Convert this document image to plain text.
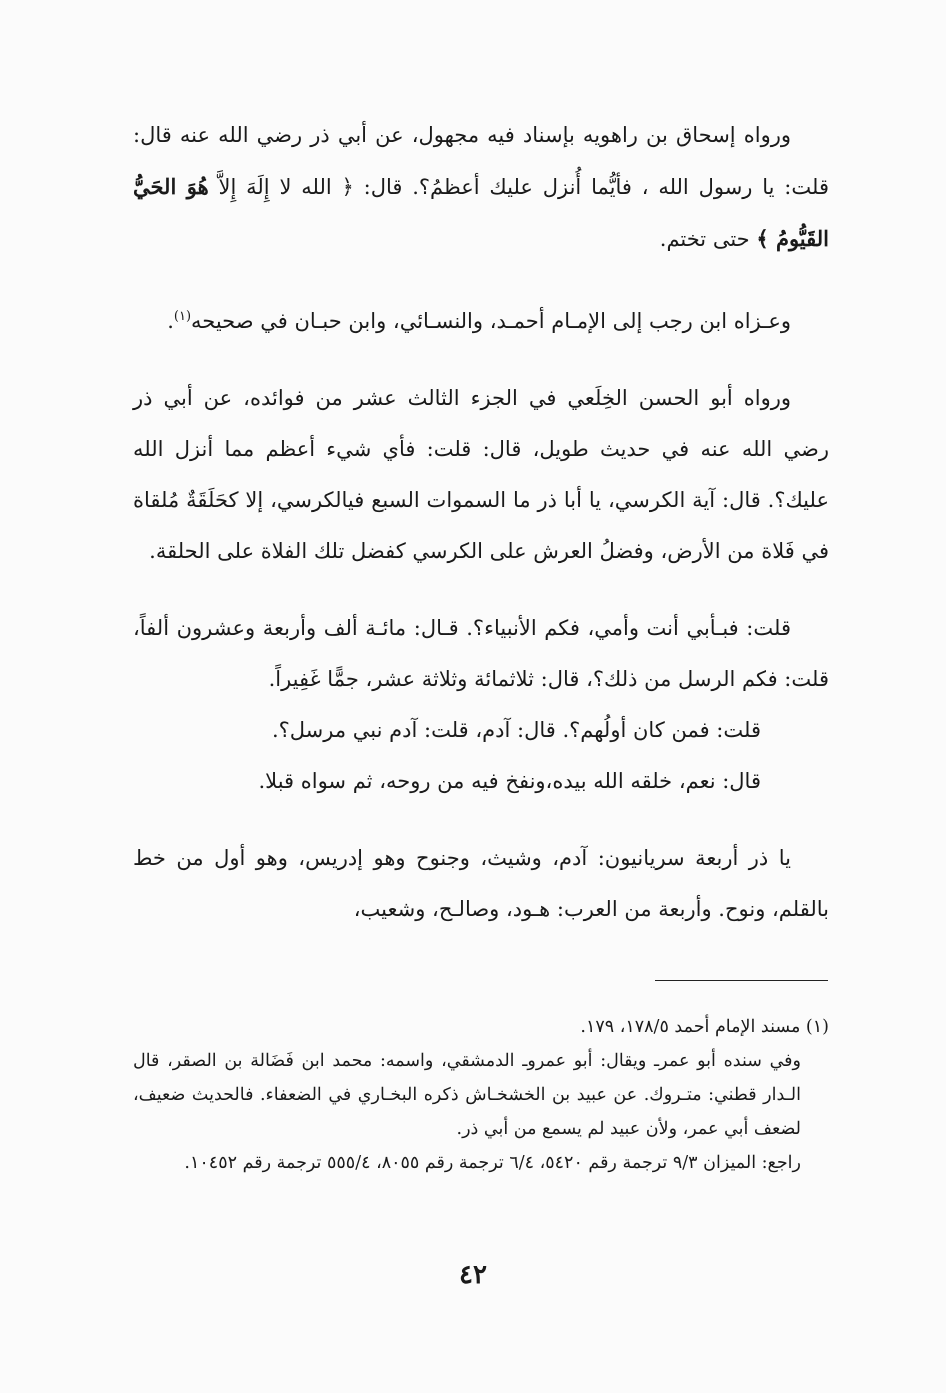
ورواه إسحاق بن راهويه بإسناد فيه مجهول، عن أبي ذر رضي الله عنه قال: قلت: يا رسول الله ، فأيُّما أُنزل عليك أعظمُ؟. قال: ﴿ الله لا إِلَهَ إِلاَّ هُوَ الحَيُّ القَيُّومُ ﴾ حتى تختم.

وعـزاه ابن رجب إلى الإمـام أحمـد، والنسـائي، وابن حبـان في صحيحه$^{(١)}$.

ورواه أبو الحسن الخِلَعي في الجزء الثالث عشر من فوائده، عن أبي ذر رضي الله عنه في حديث طويل، قال: قلت: فأي شيء أعظم مما أنزل الله عليك؟. قال: آية الكرسي، يا أبا ذر ما السموات السبع فيالكرسي، إلا كحَلَقَةٌ مُلقاة في فَلاة من الأرض، وفضلُ العرش على الكرسي كفضل تلك الفلاة على الحلقة.

قلت: فبـأبي أنت وأمي، فكم الأنبياء؟. قـال: مائـة ألف وأربعة وعشرون ألفاً، قلت: فكم الرسل من ذلك؟، قال: ثلاثمائة وثلاثة عشر، جمًّا غَفِيراً.

قلت: فمن كان أولُهم؟. قال: آدم، قلت: آدم نبي مرسل؟.
قال: نعم، خلقه الله بيده،ونفخ فيه من روحه، ثم سواه قبلا.

يا ذر أربعة سريانيون: آدم، وشيث، وجنوح وهو إدريس، وهو أول من خط بالقلم، ونوح. وأربعة من العرب: هـود، وصالـح، وشعيب،

(١) مسند الإمام أحمد ١٧٨/٥، ١٧٩.

وفي سنده أبو عمرـ ويقال: أبو عمروـ الدمشقي، واسمه: محمد ابن فَضَالة بن الصقر، قال الـدار قطني: متـروك. عن عبيد بن الخشخـاش ذكره البخـاري في الضعفاء. فالحديث ضعيف، لضعف أبي عمر، ولأن عبيد لم يسمع من أبي ذر.

راجع: الميزان ٩/٣ ترجمة رقم ٥٤٢٠، ٦/٤ ترجمة رقم ٨٠٥٥، ٥٥٥/٤ ترجمة رقم ١٠٤٥٢.

٤٢
